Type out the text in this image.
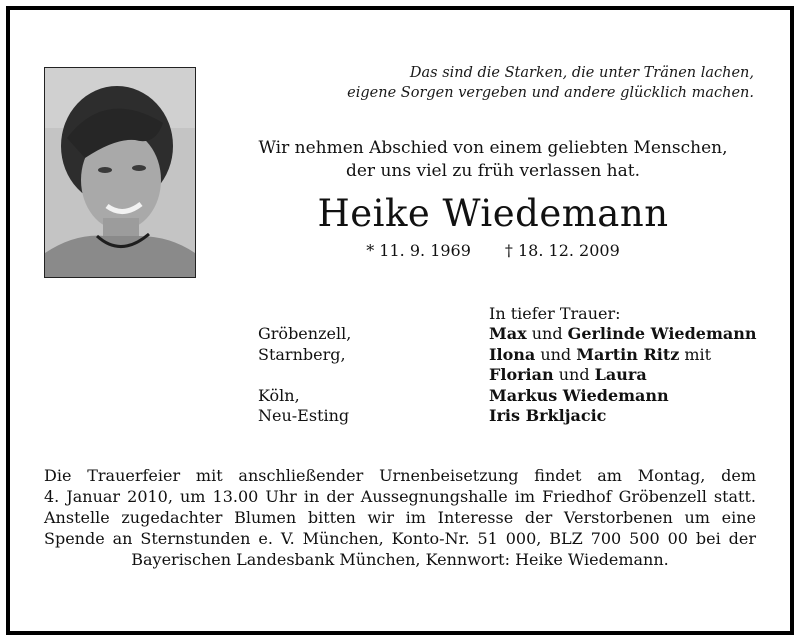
Das sind die Starken, die unter Tränen lachen,
eigene Sorgen vergeben und andere glücklich machen.
Wir nehmen Abschied von einem geliebten Menschen,
der uns viel zu früh verlassen hat.
Heike Wiedemann
* 11. 9. 1969 † 18. 12. 2009
In tiefer Trauer:
Gröbenzell,	Max und Gerlinde Wiedemann
Starnberg,	Ilona und Martin Ritz mit
Florian und Laura
Köln,	Markus Wiedemann
Neu-Esting	Iris Brkljacic
Die Trauerfeier mit anschließender Urnenbeisetzung findet am Montag, dem
4. Januar 2010, um 13.00 Uhr in der Aussegnungshalle im Friedhof Gröbenzell statt.
Anstelle zugedachter Blumen bitten wir im Interesse der Verstorbenen um eine
Spende an Sternstunden e. V. München, Konto-Nr. 51 000, BLZ 700 500 00 bei der
Bayerischen Landesbank München, Kennwort: Heike Wiedemann.
